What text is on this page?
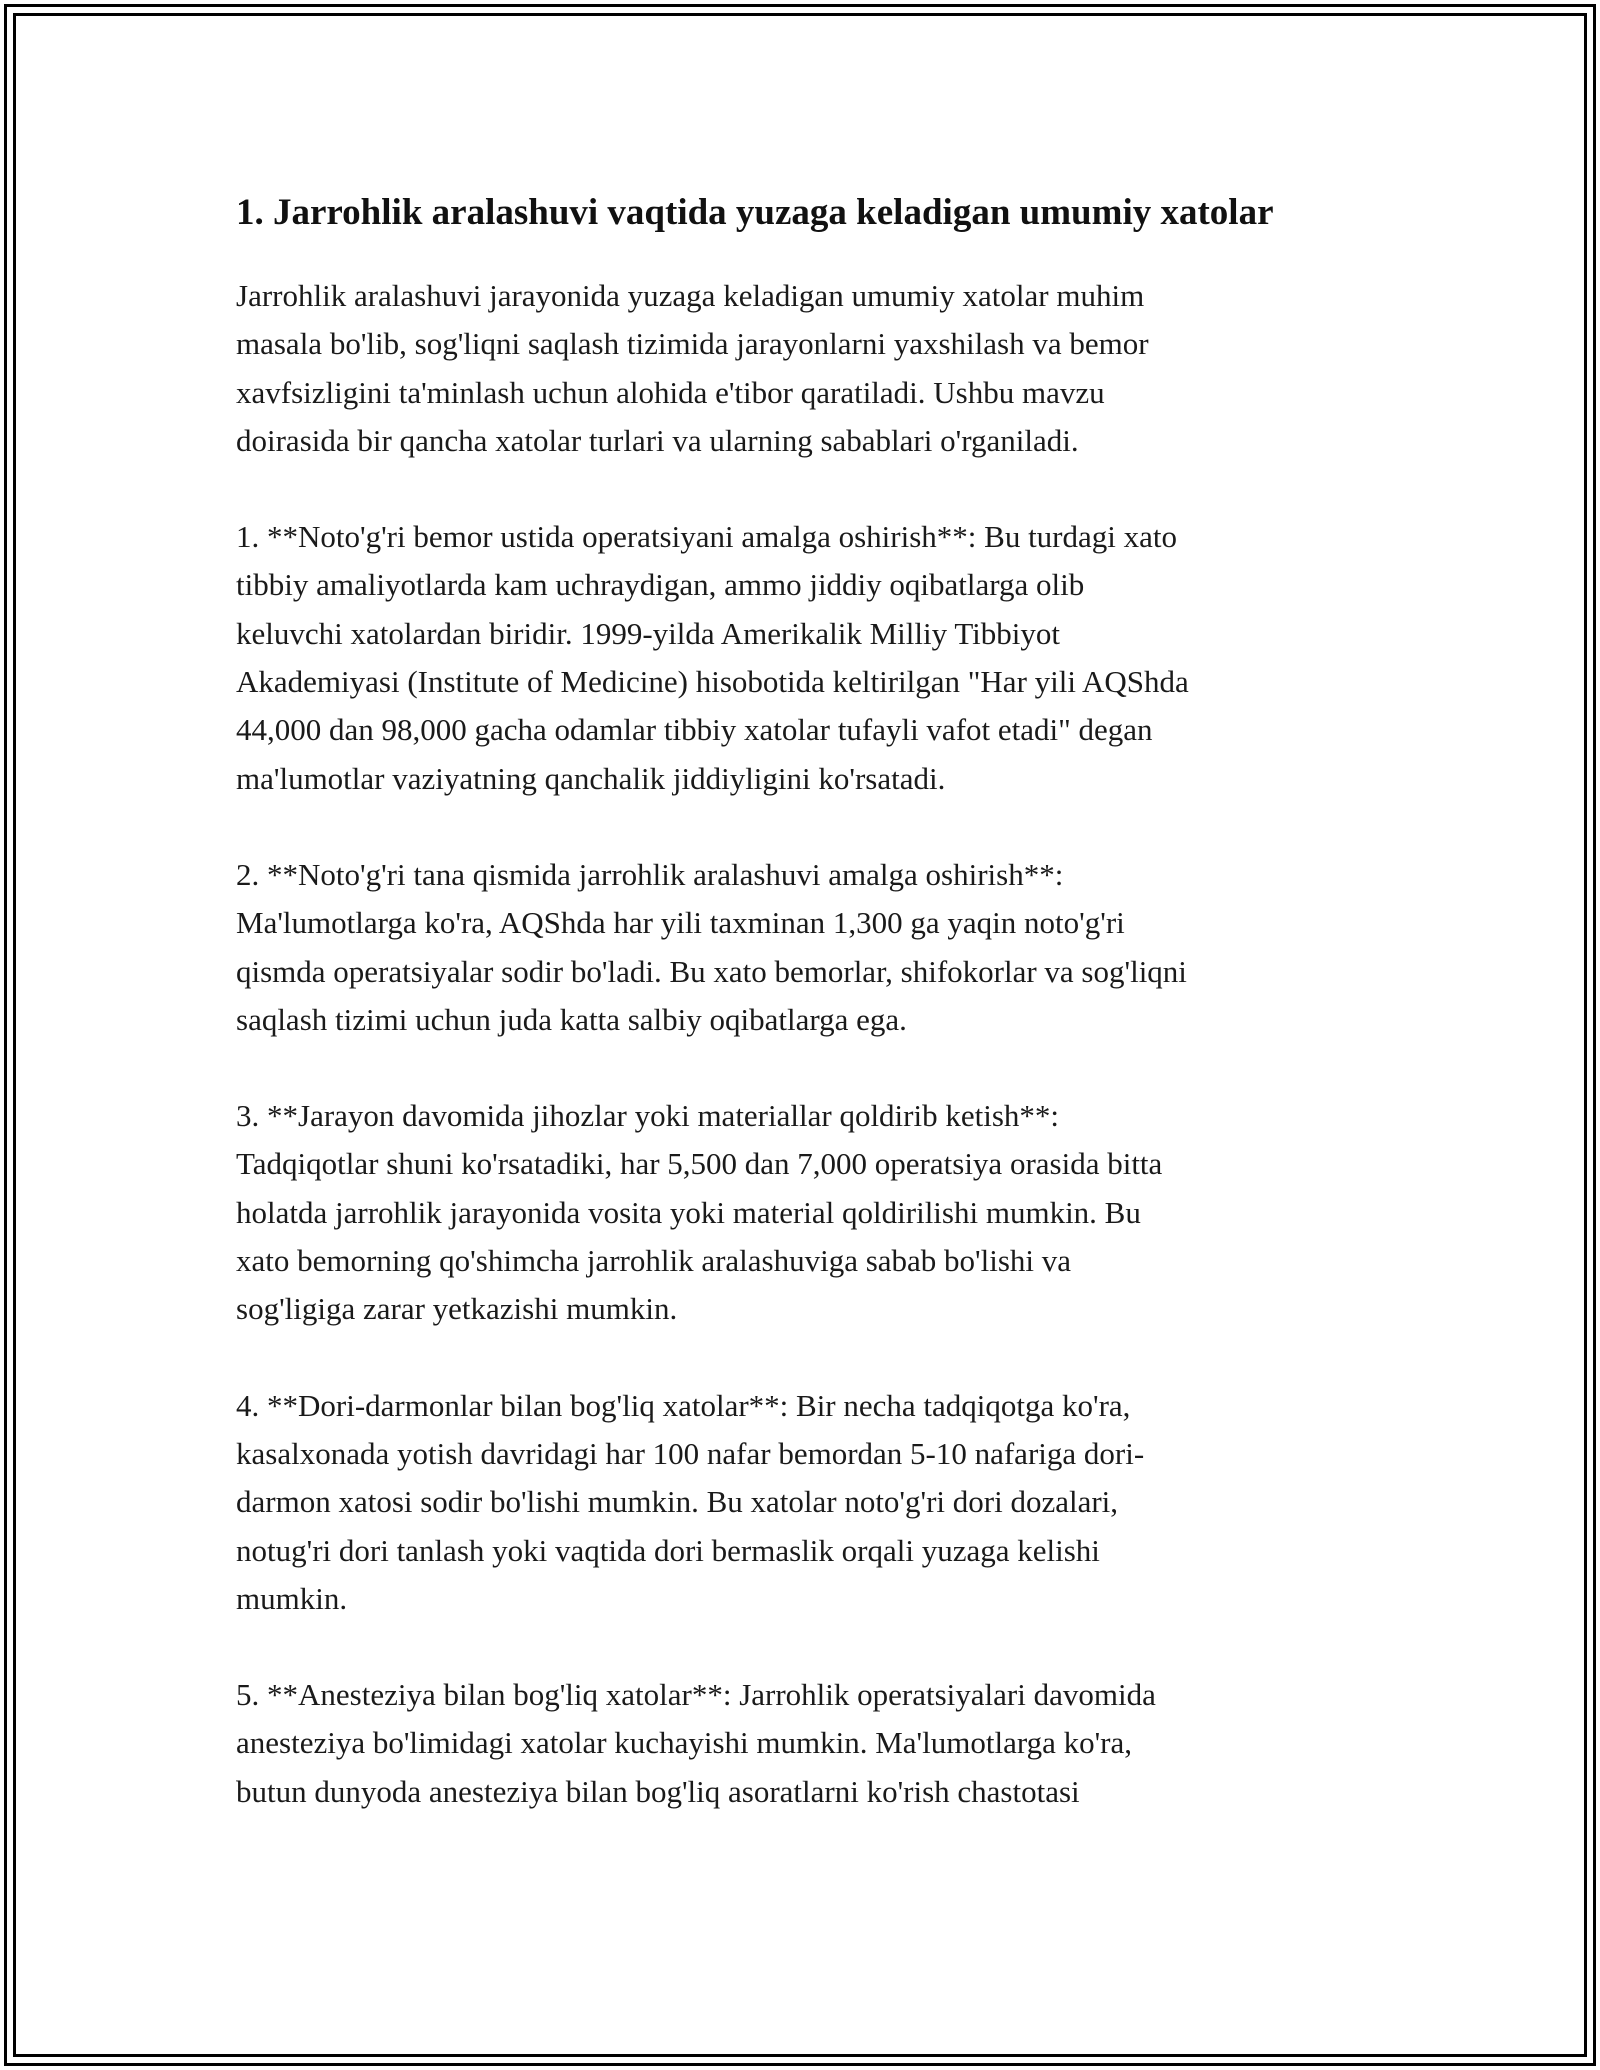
1. Jarrohlik aralashuvi vaqtida yuzaga keladigan umumiy xatolar

Jarrohlik aralashuvi jarayonida yuzaga keladigan umumiy xatolar muhim
masala bo'lib, sog'liqni saqlash tizimida jarayonlarni yaxshilash va bemor
xavfsizligini ta'minlash uchun alohida e'tibor qaratiladi. Ushbu mavzu
doirasida bir qancha xatolar turlari va ularning sabablari o'rganiladi.

1. **Noto'g'ri bemor ustida operatsiyani amalga oshirish**: Bu turdagi xato
tibbiy amaliyotlarda kam uchraydigan, ammo jiddiy oqibatlarga olib
keluvchi xatolardan biridir. 1999-yilda Amerikalik Milliy Tibbiyot
Akademiyasi (Institute of Medicine) hisobotida keltirilgan "Har yili AQShda
44,000 dan 98,000 gacha odamlar tibbiy xatolar tufayli vafot etadi" degan
ma'lumotlar vaziyatning qanchalik jiddiyligini ko'rsatadi.

2. **Noto'g'ri tana qismida jarrohlik aralashuvi amalga oshirish**:
Ma'lumotlarga ko'ra, AQShda har yili taxminan 1,300 ga yaqin noto'g'ri
qismda operatsiyalar sodir bo'ladi. Bu xato bemorlar, shifokorlar va sog'liqni
saqlash tizimi uchun juda katta salbiy oqibatlarga ega.

3. **Jarayon davomida jihozlar yoki materiallar qoldirib ketish**:
Tadqiqotlar shuni ko'rsatadiki, har 5,500 dan 7,000 operatsiya orasida bitta
holatda jarrohlik jarayonida vosita yoki material qoldirilishi mumkin. Bu
xato bemorning qo'shimcha jarrohlik aralashuviga sabab bo'lishi va
sog'ligiga zarar yetkazishi mumkin.

4. **Dori-darmonlar bilan bog'liq xatolar**: Bir necha tadqiqotga ko'ra,
kasalxonada yotish davridagi har 100 nafar bemordan 5-10 nafariga dori-
darmon xatosi sodir bo'lishi mumkin. Bu xatolar noto'g'ri dori dozalari,
notug'ri dori tanlash yoki vaqtida dori bermaslik orqali yuzaga kelishi
mumkin.

5. **Anesteziya bilan bog'liq xatolar**: Jarrohlik operatsiyalari davomida
anesteziya bo'limidagi xatolar kuchayishi mumkin. Ma'lumotlarga ko'ra,
butun dunyoda anesteziya bilan bog'liq asoratlarni ko'rish chastotasi
